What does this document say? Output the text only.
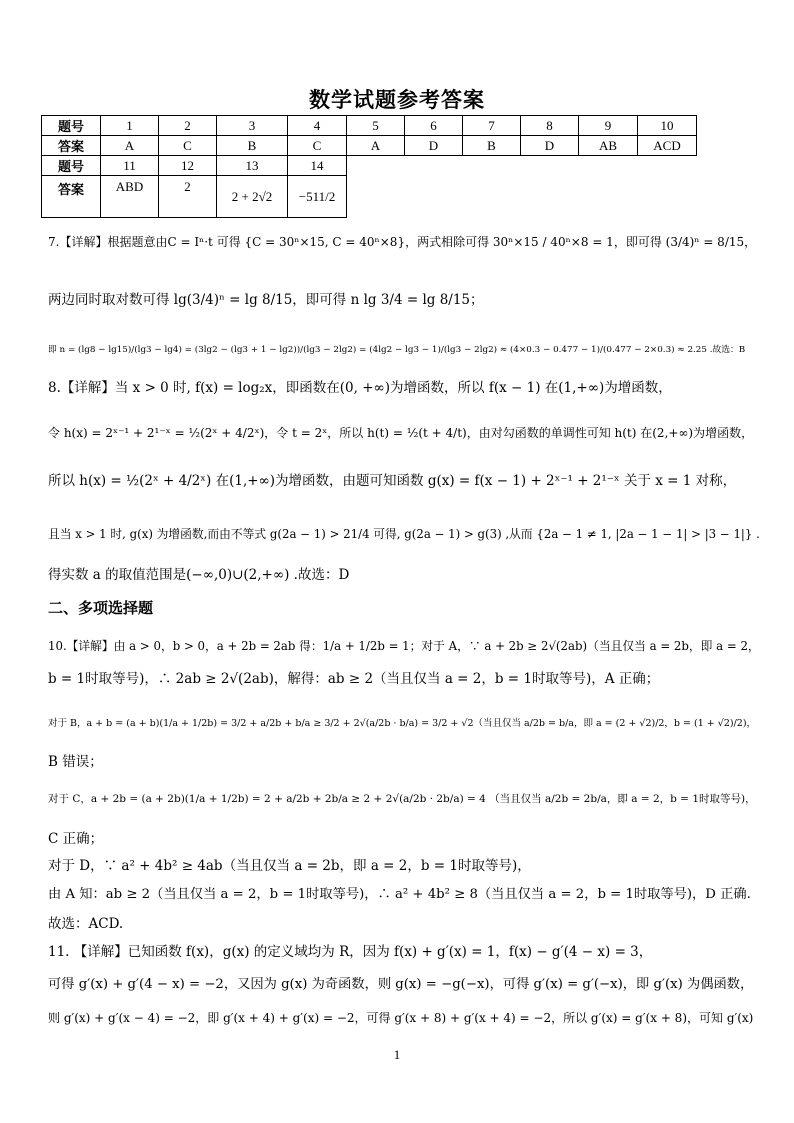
数学试题参考答案
题号	1	2	3	4	5	6	7	8	9	10
答案	A	C	B	C	A	D	B	D	AB	ACD
题号	11	12	13	14						
答案	ABD	2	2 + 2√2	−511/2						
7.【详解】根据题意由C = Iⁿ·t 可得 {C = 30ⁿ×15, C = 40ⁿ×8}，两式相除可得 30ⁿ×15 / 40ⁿ×8 = 1，即可得 (3/4)ⁿ = 8/15，
两边同时取对数可得 lg(3/4)ⁿ = lg 8/15，即可得 n lg 3/4 = lg 8/15；
即 n = (lg8 − lg15)/(lg3 − lg4) = (3lg2 − (lg3 + 1 − lg2))/(lg3 − 2lg2) = (4lg2 − lg3 − 1)/(lg3 − 2lg2) ≈ (4×0.3 − 0.477 − 1)/(0.477 − 2×0.3) ≈ 2.25 .故选：B
8.【详解】当 x > 0 时, f(x) = log₂x，即函数在(0, +∞)为增函数，所以 f(x − 1) 在(1,+∞)为增函数，
令 h(x) = 2ˣ⁻¹ + 2¹⁻ˣ = ½(2ˣ + 4/2ˣ)，令 t = 2ˣ，所以 h(t) = ½(t + 4/t)，由对勾函数的单调性可知 h(t) 在(2,+∞)为增函数，
所以 h(x) = ½(2ˣ + 4/2ˣ) 在(1,+∞)为增函数，由题可知函数 g(x) = f(x − 1) + 2ˣ⁻¹ + 2¹⁻ˣ 关于 x = 1 对称，
且当 x > 1 时, g(x) 为增函数,而由不等式 g(2a − 1) > 21/4 可得, g(2a − 1) > g(3) ,从而 {2a − 1 ≠ 1, |2a − 1 − 1| > |3 − 1|} .
得实数 a 的取值范围是(−∞,0)∪(2,+∞) .故选：D
二、多项选择题
10.【详解】由 a > 0，b > 0，a + 2b = 2ab 得：1/a + 1/2b = 1；对于 A，∵ a + 2b ≥ 2√(2ab)（当且仅当 a = 2b，即 a = 2，
b = 1时取等号)，∴ 2ab ≥ 2√(2ab)，解得：ab ≥ 2（当且仅当 a = 2，b = 1时取等号)，A 正确；
对于 B，a + b = (a + b)(1/a + 1/2b) = 3/2 + a/2b + b/a ≥ 3/2 + 2√(a/2b · b/a) = 3/2 + √2（当且仅当 a/2b = b/a，即 a = (2 + √2)/2，b = (1 + √2)/2)，
B 错误；
对于 C，a + 2b = (a + 2b)(1/a + 1/2b) = 2 + a/2b + 2b/a ≥ 2 + 2√(a/2b · 2b/a) = 4 （当且仅当 a/2b = 2b/a，即 a = 2，b = 1时取等号)，
C 正确；
对于 D，∵ a² + 4b² ≥ 4ab（当且仅当 a = 2b，即 a = 2，b = 1时取等号)，
由 A 知：ab ≥ 2（当且仅当 a = 2，b = 1时取等号)，∴ a² + 4b² ≥ 8（当且仅当 a = 2，b = 1时取等号)，D 正确.
故选：ACD.
11. 【详解】已知函数 f(x)，g(x) 的定义域均为 R，因为 f(x) + g′(x) = 1，f(x) − g′(4 − x) = 3，
可得 g′(x) + g′(4 − x) = −2，又因为 g(x) 为奇函数，则 g(x) = −g(−x)，可得 g′(x) = g′(−x)，即 g′(x) 为偶函数，
则 g′(x) + g′(x − 4) = −2，即 g′(x + 4) + g′(x) = −2，可得 g′(x + 8) + g′(x + 4) = −2，所以 g′(x) = g′(x + 8)，可知 g′(x)
1
